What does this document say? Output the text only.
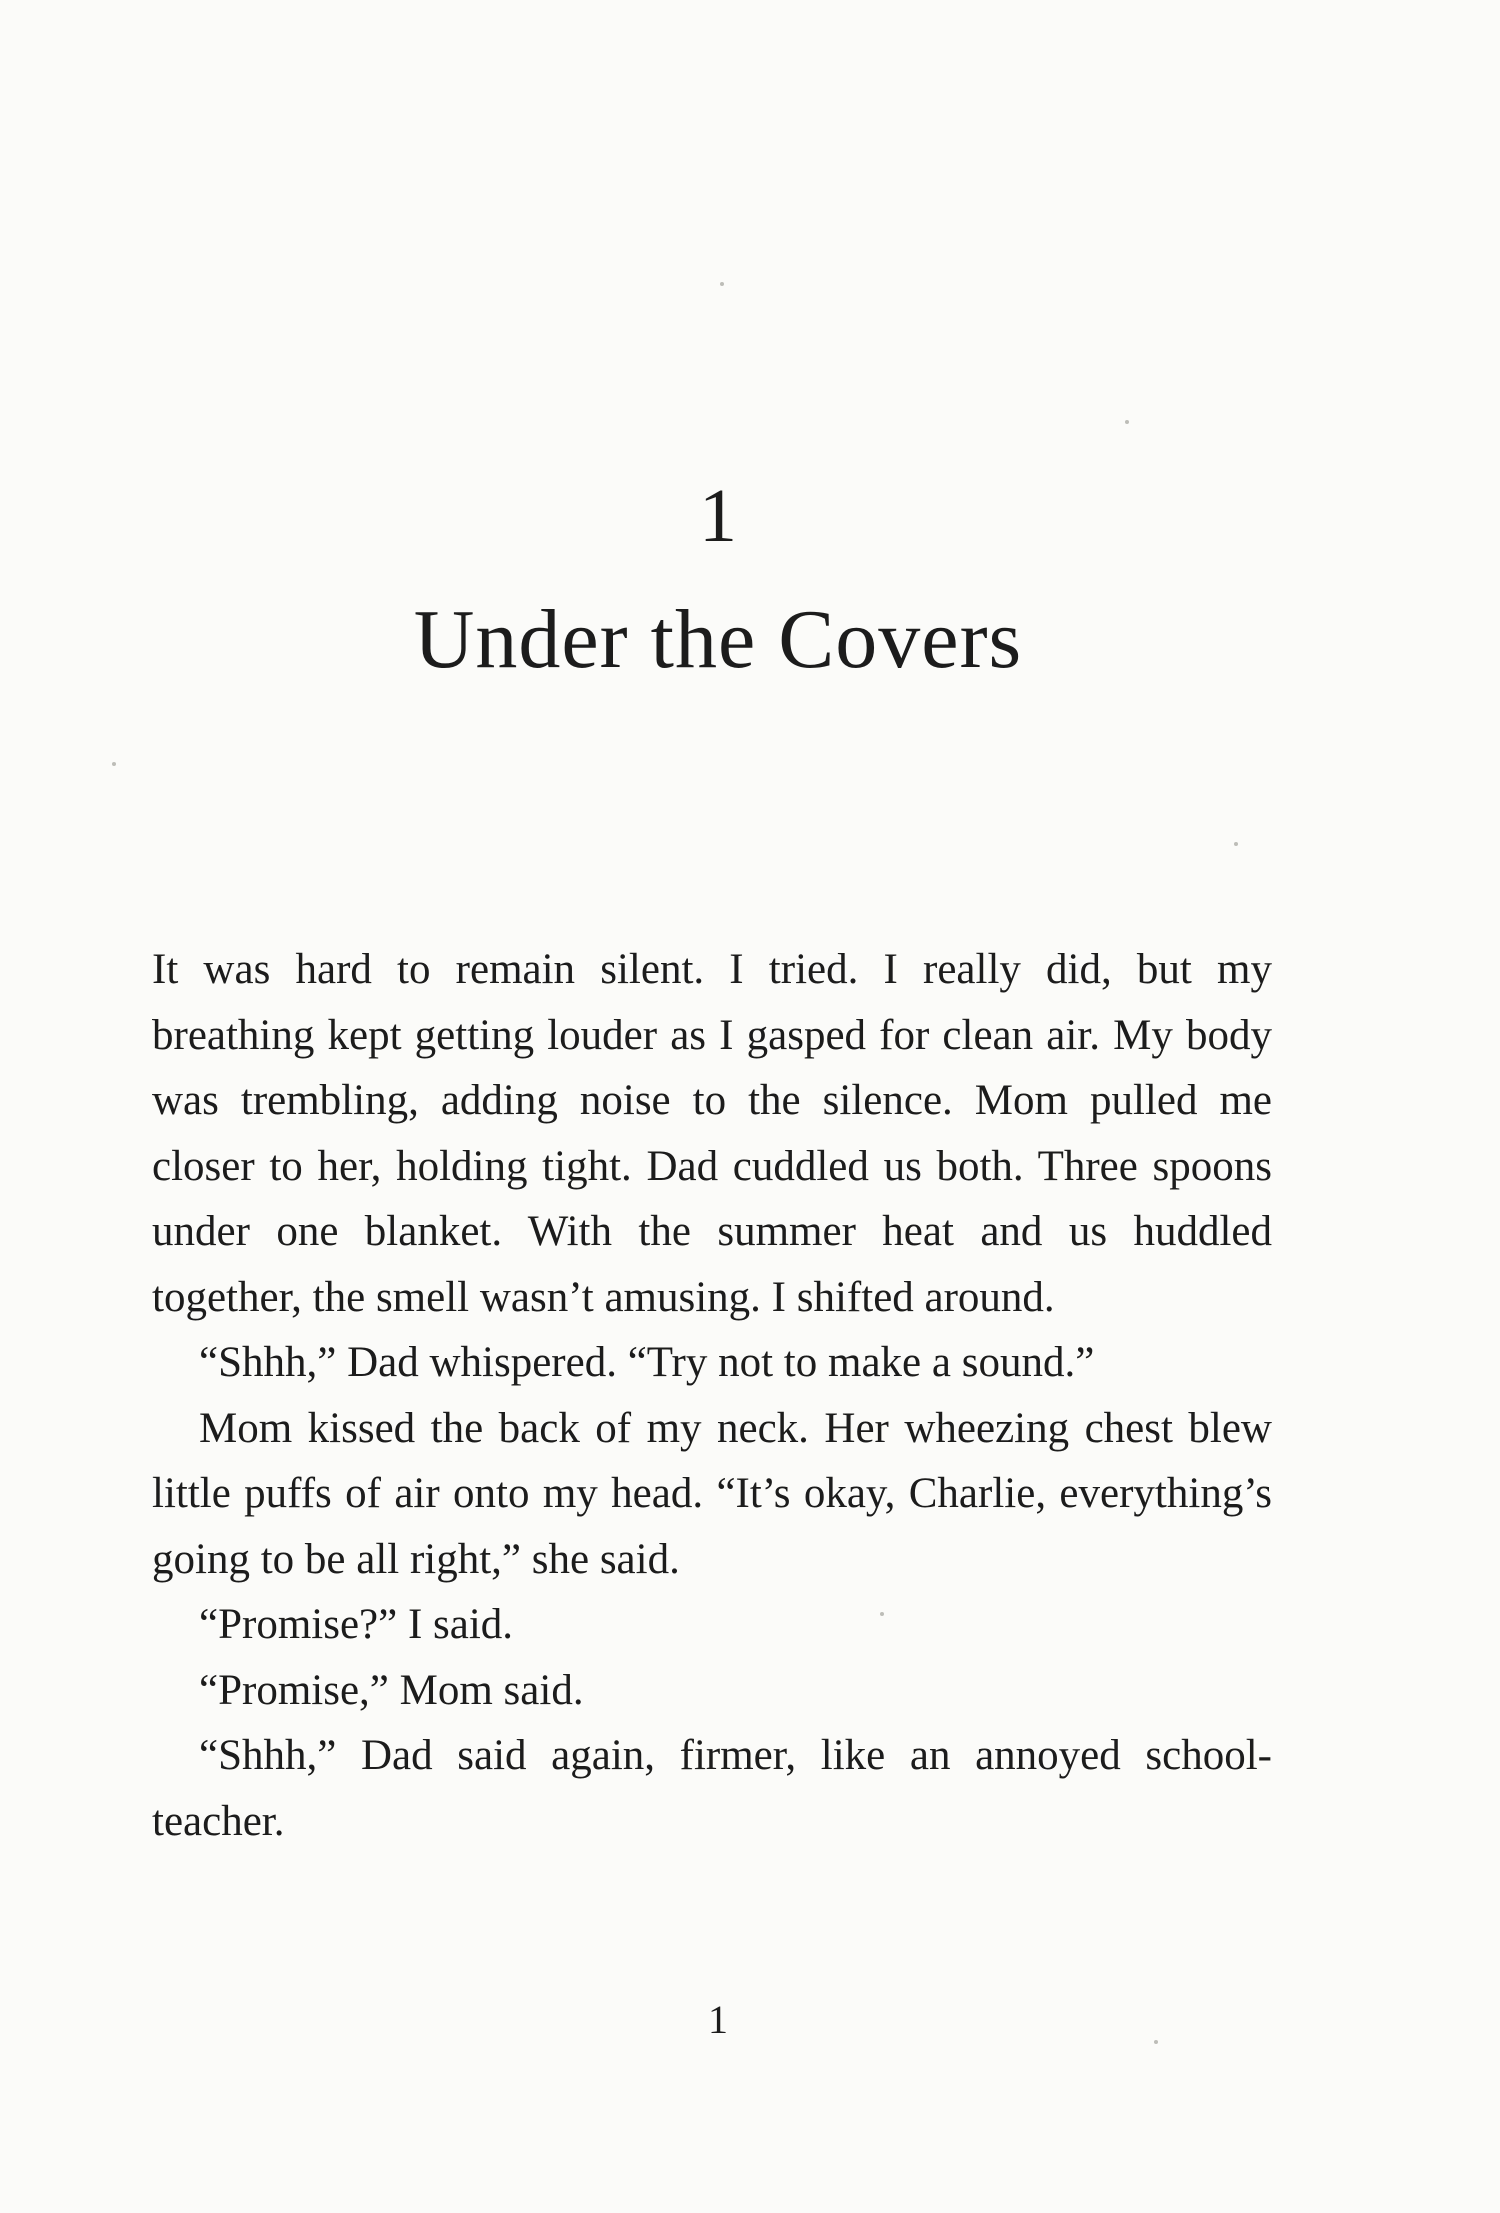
1
Under the Covers

It was hard to remain silent. I tried. I really did, but my breathing kept getting louder as I gasped for clean air. My body was trembling, adding noise to the silence. Mom pulled me closer to her, holding tight. Dad cuddled us both. Three spoons under one blanket. With the summer heat and us huddled together, the smell wasn’t amusing. I shifted around.

“Shhh,” Dad whispered. “Try not to make a sound.”

Mom kissed the back of my neck. Her wheezing chest blew little puffs of air onto my head. “It’s okay, Charlie, everything’s going to be all right,” she said.

“Promise?” I said.

“Promise,” Mom said.

“Shhh,” Dad said again, firmer, like an annoyed school-teacher.

1
